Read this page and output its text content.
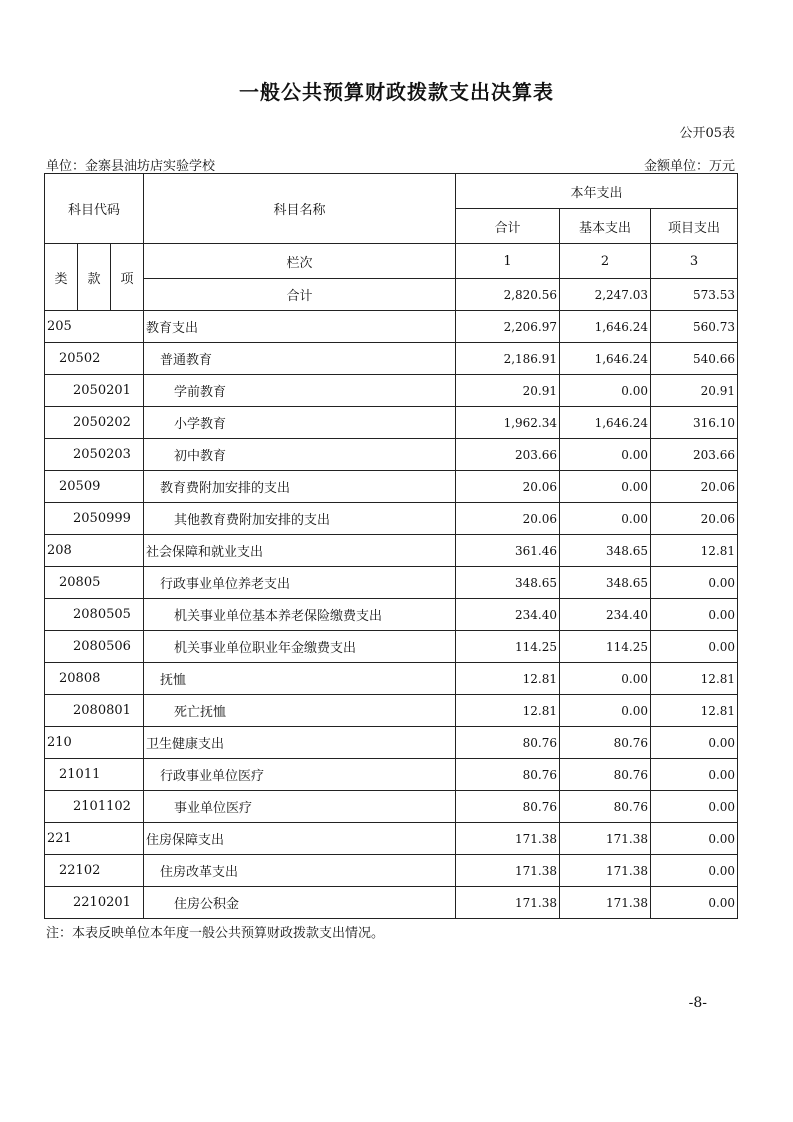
一般公共预算财政拨款支出决算表
公开05表
单位：金寨县油坊店实验学校	金额单位：万元
科目代码			科目名称	本年支出		
				合计	基本支出	项目支出
类	款	项	栏次	1	2	3
			合计	2,820.56	2,247.03	573.53
205			教育支出	2,206.97	1,646.24	560.73
20502			普通教育	2,186.91	1,646.24	540.66
2050201			学前教育	20.91	0.00	20.91
2050202			小学教育	1,962.34	1,646.24	316.10
2050203			初中教育	203.66	0.00	203.66
20509			教育费附加安排的支出	20.06	0.00	20.06
2050999			其他教育费附加安排的支出	20.06	0.00	20.06
208			社会保障和就业支出	361.46	348.65	12.81
20805			行政事业单位养老支出	348.65	348.65	0.00
2080505			机关事业单位基本养老保险缴费支出	234.40	234.40	0.00
2080506			机关事业单位职业年金缴费支出	114.25	114.25	0.00
20808			抚恤	12.81	0.00	12.81
2080801			死亡抚恤	12.81	0.00	12.81
210			卫生健康支出	80.76	80.76	0.00
21011			行政事业单位医疗	80.76	80.76	0.00
2101102			事业单位医疗	80.76	80.76	0.00
221			住房保障支出	171.38	171.38	0.00
22102			住房改革支出	171.38	171.38	0.00
2210201			住房公积金	171.38	171.38	0.00
注：本表反映单位本年度一般公共预算财政拨款支出情况。
-8-
